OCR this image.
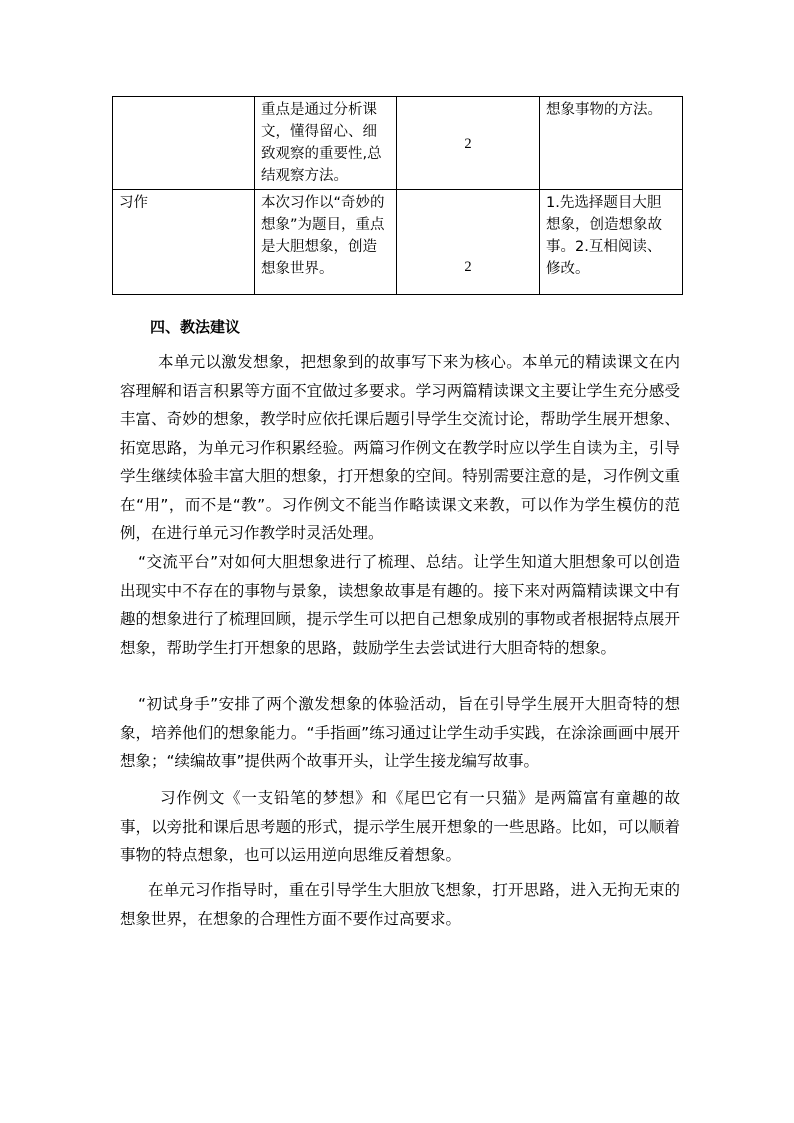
	重点是通过分析课文，懂得留心、细致观察的重要性,总结观察方法。	2	想象事物的方法。

习作	本次习作以“奇妙的想象”为题目，重点是大胆想象，创造想象世界。	2	1.先选择题目大胆想象，创造想象故事。2.互相阅读、修改。
四、教法建议

本单元以激发想象，把想象到的故事写下来为核心。本单元的精读课文在内容理解和语言积累等方面不宜做过多要求。学习两篇精读课文主要让学生充分感受丰富、奇妙的想象，教学时应依托课后题引导学生交流讨论，帮助学生展开想象、拓宽思路，为单元习作积累经验。两篇习作例文在教学时应以学生自读为主，引导学生继续体验丰富大胆的想象，打开想象的空间。特别需要注意的是，习作例文重在“用”，而不是“教”。习作例文不能当作略读课文来教，可以作为学生模仿的范例，在进行单元习作教学时灵活处理。

“交流平台”对如何大胆想象进行了梳理、总结。让学生知道大胆想象可以创造出现实中不存在的事物与景象，读想象故事是有趣的。接下来对两篇精读课文中有趣的想象进行了梳理回顾，提示学生可以把自己想象成别的事物或者根据特点展开想象，帮助学生打开想象的思路，鼓励学生去尝试进行大胆奇特的想象。

“初试身手”安排了两个激发想象的体验活动，旨在引导学生展开大胆奇特的想象，培养他们的想象能力。“手指画”练习通过让学生动手实践，在涂涂画画中展开想象；“续编故事”提供两个故事开头，让学生接龙编写故事。

习作例文《一支铅笔的梦想》和《尾巴它有一只猫》是两篇富有童趣的故事，以旁批和课后思考题的形式，提示学生展开想象的一些思路。比如，可以顺着事物的特点想象，也可以运用逆向思维反着想象。

在单元习作指导时，重在引导学生大胆放飞想象，打开思路，进入无拘无束的想象世界，在想象的合理性方面不要作过高要求。
